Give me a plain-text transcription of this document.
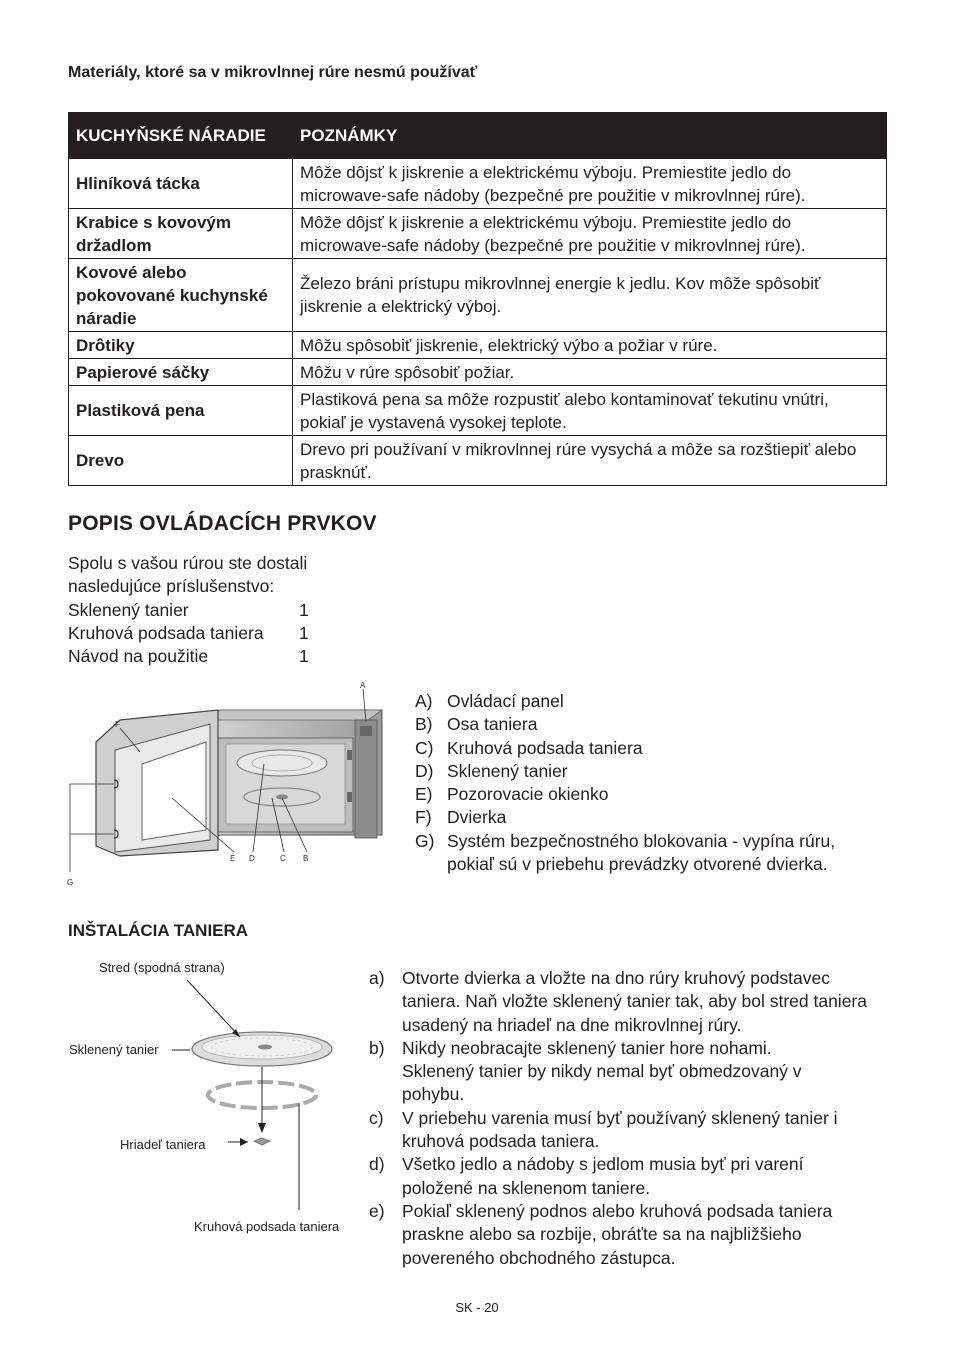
Materiály, ktoré sa v mikrovlnnej rúre nesmú používať
KUCHYŇSKÉ NÁRADIE	POZNÁMKY
Hliníková tácka	Môže dôjsť k jiskrenie a elektrickému výboju. Premiestite jedlo do microwave-safe nádoby (bezpečné pre použitie v mikrovlnnej rúre).
Krabice s kovovým držadlom	Môže dôjsť k jiskrenie a elektrickému výboju. Premiestite jedlo do microwave-safe nádoby (bezpečné pre použitie v mikrovlnnej rúre).
Kovové alebo pokovované kuchynské náradie	Železo bráni prístupu mikrovlnnej energie k jedlu. Kov môže spôsobiť jiskrenie a elektrický výboj.
Drôtiky	Môžu spôsobiť jiskrenie, elektrický výbo a požiar v rúre.
Papierové sáčky	Môžu v rúre spôsobiť požiar.
Plastiková pena	Plastiková pena sa môže rozpustiť alebo kontaminovať tekutinu vnútri, pokiaľ je vystavená vysokej teplote.
Drevo	Drevo pri používaní v mikrovlnnej rúre vysychá a môže sa rozštiepiť alebo prasknúť.
POPIS OVLÁDACÍCH PRVKOV
Spolu s vašou rúrou ste dostali nasledujúce príslušenstvo:
Sklenený tanier	1
Kruhová podsada taniera	1
Návod na použitie	1
A
F
G
E D	C B
A) Ovládací panel
B) Osa taniera
C) Kruhová podsada taniera
D) Sklenený tanier
E) Pozorovacie okienko
F) Dvierka
G) Systém bezpečnostného blokovania - vypína rúru, pokiaľ sú v priebehu prevádzky otvorené dvierka.
INŠTALÁCIA TANIERA
Stred (spodná strana)
Sklenený tanier
Hriadeľ taniera
Kruhová podsada taniera
a) Otvorte dvierka a vložte na dno rúry kruhový podstavec taniera. Naň vložte sklenený tanier tak, aby bol stred taniera usadený na hriadeľ na dne mikrovlnnej rúry.
b) Nikdy neobracajte sklenený tanier hore nohami. Sklenený tanier by nikdy nemal byť obmedzovaný v pohybu.
c)	V priebehu varenia musí byť používaný sklenený tanier i kruhová podsada taniera.
d) Všetko jedlo a nádoby s jedlom musia byť pri varení položené na sklenenom taniere.
e) Pokiaľ sklenený podnos alebo kruhová podsada taniera praskne alebo sa rozbije, obráťte sa na najbližšieho povereného obchodného zástupca.
SK - 20
